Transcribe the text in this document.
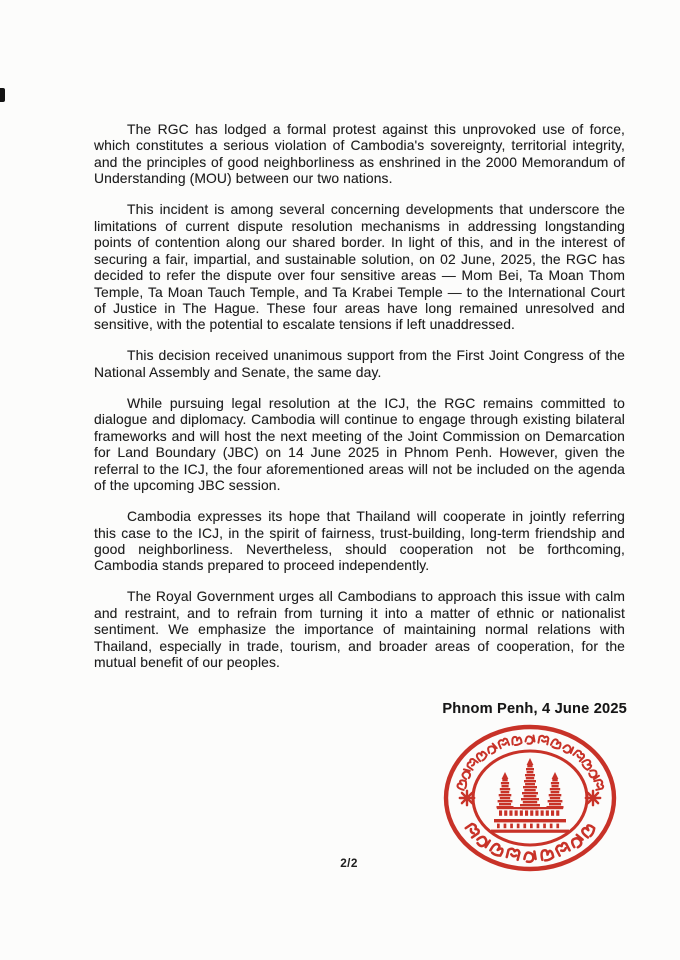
The RGC has lodged a formal protest against this unprovoked use of force, which constitutes a serious violation of Cambodia's sovereignty, territorial integrity, and the principles of good neighborliness as enshrined in the 2000 Memorandum of Understanding (MOU) between our two nations.

This incident is among several concerning developments that underscore the limitations of current dispute resolution mechanisms in addressing longstanding points of contention along our shared border. In light of this, and in the interest of securing a fair, impartial, and sustainable solution, on 02 June, 2025, the RGC has decided to refer the dispute over four sensitive areas — Mom Bei, Ta Moan Thom Temple, Ta Moan Tauch Temple, and Ta Krabei Temple — to the International Court of Justice in The Hague. These four areas have long remained unresolved and sensitive, with the potential to escalate tensions if left unaddressed.

This decision received unanimous support from the First Joint Congress of the National Assembly and Senate, the same day.

While pursuing legal resolution at the ICJ, the RGC remains committed to dialogue and diplomacy. Cambodia will continue to engage through existing bilateral frameworks and will host the next meeting of the Joint Commission on Demarcation for Land Boundary (JBC) on 14 June 2025 in Phnom Penh. However, given the referral to the ICJ, the four aforementioned areas will not be included on the agenda of the upcoming JBC session.

Cambodia expresses its hope that Thailand will cooperate in jointly referring this case to the ICJ, in the spirit of fairness, trust-building, long-term friendship and good neighborliness. Nevertheless, should cooperation not be forthcoming, Cambodia stands prepared to proceed independently.

The Royal Government urges all Cambodians to approach this issue with calm and restraint, and to refrain from turning it into a matter of ethnic or nationalist sentiment. We emphasize the importance of maintaining normal relations with Thailand, especially in trade, tourism, and broader areas of cooperation, for the mutual benefit of our peoples.

Phnom Penh, 4 June 2025
2/2
